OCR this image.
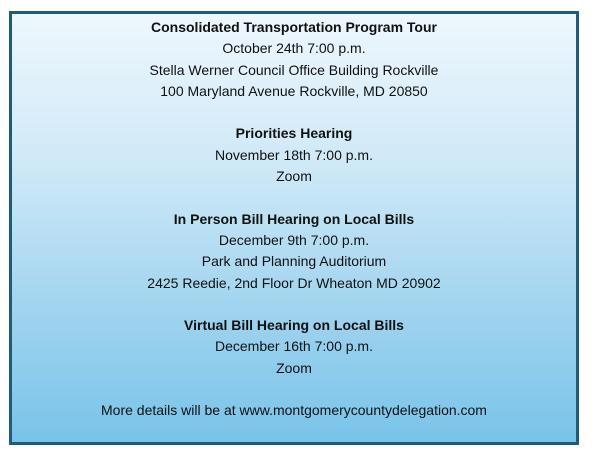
Consolidated Transportation Program Tour
October 24th 7:00 p.m.
Stella Werner Council Office Building Rockville
100 Maryland Avenue Rockville, MD 20850
Priorities Hearing
November 18th 7:00 p.m.
Zoom
In Person Bill Hearing on Local Bills
December 9th 7:00 p.m.
Park and Planning Auditorium
2425 Reedie, 2nd Floor Dr Wheaton MD 20902
Virtual Bill Hearing on Local Bills
December 16th 7:00 p.m.
Zoom
More details will be at www.montgomerycountydelegation.com
